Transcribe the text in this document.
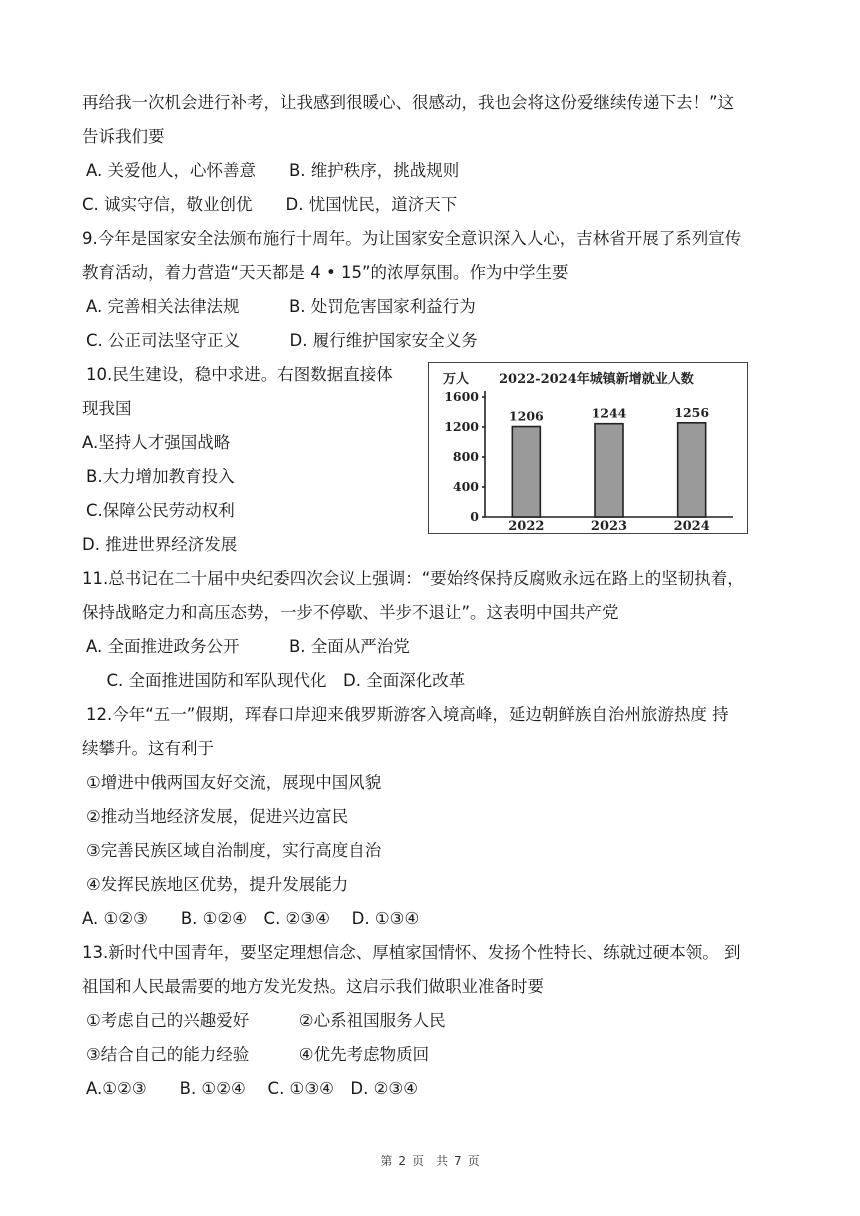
再给我一次机会进行补考，让我感到很暖心、很感动，我也会将这份爱继续传递下去！”这
告诉我们要
A. 关爱他人，心怀善意　　B. 维护秩序，挑战规则
C. 诚实守信，敬业创优　　D. 忧国忧民，道济天下
9.今年是国家安全法颁布施行十周年。为让国家安全意识深入人心，吉林省开展了系列宣传
教育活动，着力营造“天天都是 4 • 15”的浓厚氛围。作为中学生要
A. 完善相关法律法规　　　B. 处罚危害国家利益行为
C. 公正司法坚守正义　　　D. 履行维护国家安全义务
10.民生建设，稳中求进。右图数据直接体
现我国
A.坚持人才强国战略
B.大力增加教育投入
C.保障公民劳动权利
D. 推进世界经济发展
11.总书记在二十届中央纪委四次会议上强调：“要始终保持反腐败永远在路上的坚韧执着，
保持战略定力和高压态势，一步不停歇、半步不退让”。这表明中国共产党
A. 全面推进政务公开　　　B. 全面从严治党
　C. 全面推进国防和军队现代化　D. 全面深化改革
12.今年“五一”假期，珲春口岸迎来俄罗斯游客入境高峰，延边朝鲜族自治州旅游热度 持
续攀升。这有利于
①增进中俄两国友好交流，展现中国风貌
②推动当地经济发展，促进兴边富民
③完善民族区域自治制度，实行高度自治
④发挥民族地区优势，提升发展能力
A. ①②③　　B. ①②④　C. ②③④　 D. ①③④
13.新时代中国青年，要坚定理想信念、厚植家国情怀、发扬个性特长、练就过硬本领。 到
祖国和人民最需要的地方发光发热。这启示我们做职业准备时要
①考虑自己的兴趣爱好　　　②心系祖国服务人民
③结合自己的能力经验　　　④优先考虑物质回
A.①②③　　B. ①②④　 C. ①③④　D. ②③④
万人 2022-2024年城镇新增就业人数
0
400
800
1200
1600
1206
2022
1244
2023
1256
2024
第 2 页　共 7 页
